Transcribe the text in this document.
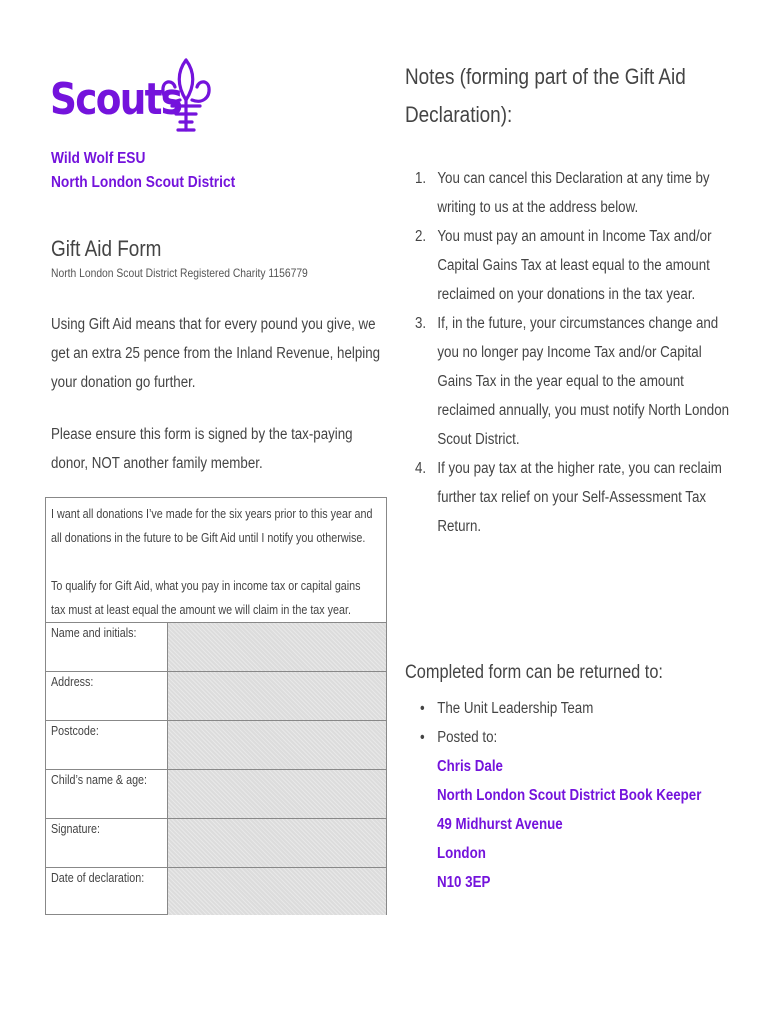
Scouts
Wild Wolf ESU
North London Scout District
Gift Aid Form
North London Scout District Registered Charity 1156779
Using Gift Aid means that for every pound you give, we get an extra 25 pence from the Inland Revenue, helping your donation go further.
Please ensure this form is signed by the tax-paying donor, NOT another family member.
I want all donations I’ve made for the six years prior to this year and all donations in the future to be Gift Aid until I notify you otherwise.
To qualify for Gift Aid, what you pay in income tax or capital gains tax must at least equal the amount we will claim in the tax year.
Name and initials:
Address:
Postcode:
Child’s name & age:
Signature:
Date of declaration:
Notes (forming part of the Gift Aid Declaration):
1. You can cancel this Declaration at any time by writing to us at the address below.
2. You must pay an amount in Income Tax and/or Capital Gains Tax at least equal to the amount reclaimed on your donations in the tax year.
3. If, in the future, your circumstances change and you no longer pay Income Tax and/or Capital Gains Tax in the year equal to the amount reclaimed annually, you must notify North London Scout District.
4. If you pay tax at the higher rate, you can reclaim further tax relief on your Self-Assessment Tax Return.
Completed form can be returned to:
• The Unit Leadership Team
• Posted to:
Chris Dale
North London Scout District Book Keeper
49 Midhurst Avenue
London
N10 3EP
